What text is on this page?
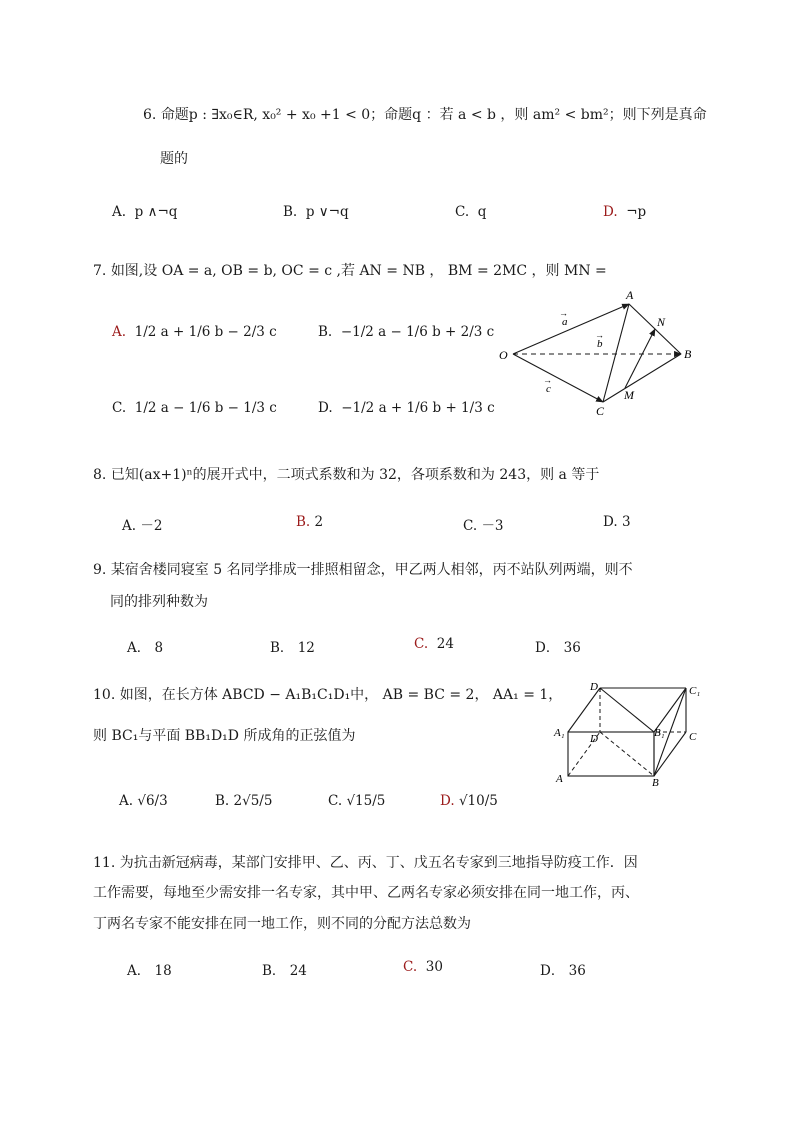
6. 命题p : ∃x₀∈R, x₀² + x₀ +1 < 0；命题q ：若 a < b ，则 am² < bm²；则下列是真命
题的
A. p ∧¬q	B. p ∨¬q	C. q	D. ¬p
7. 如图,设 OA = a, OB = b, OC = c ,若 AN = NB ， BM = 2MC ，则 MN =
A. 1/2 a + 1/6 b − 2/3 c	B. −1/2 a − 1/6 b + 2/3 c
C. 1/2 a − 1/6 b − 1/3 c	D. −1/2 a + 1/6 b + 1/3 c
A
O	B
C
N
M
a
b
c
→
→
→
8. 已知(ax+1)ⁿ的展开式中，二项式系数和为 32，各项系数和为 243，则 a 等于
A. －2	B. 2	C. －3	D. 3
9. 某宿舍楼同寝室 5 名同学排成一排照相留念，甲乙两人相邻，丙不站队列两端，则不
同的排列种数为
A． 8	B． 12	C. 24	D． 36
10. 如图，在长方体 ABCD − A₁B₁C₁D₁中， AB = BC = 2， AA₁ = 1，
则 BC₁与平面 BB₁D₁D 所成角的正弦值为
A. √6/3	B. 2√5/5	C. √15/5	D. √10/5
D₁	C₁
A₁ D	B₁ C
A	B
11. 为抗击新冠病毒，某部门安排甲、乙、丙、丁、戊五名专家到三地指导防疫工作．因
工作需要，每地至少需安排一名专家，其中甲、乙两名专家必须安排在同一地工作，丙、
丁两名专家不能安排在同一地工作，则不同的分配方法总数为
A． 18	B． 24	C. 30	D． 36
